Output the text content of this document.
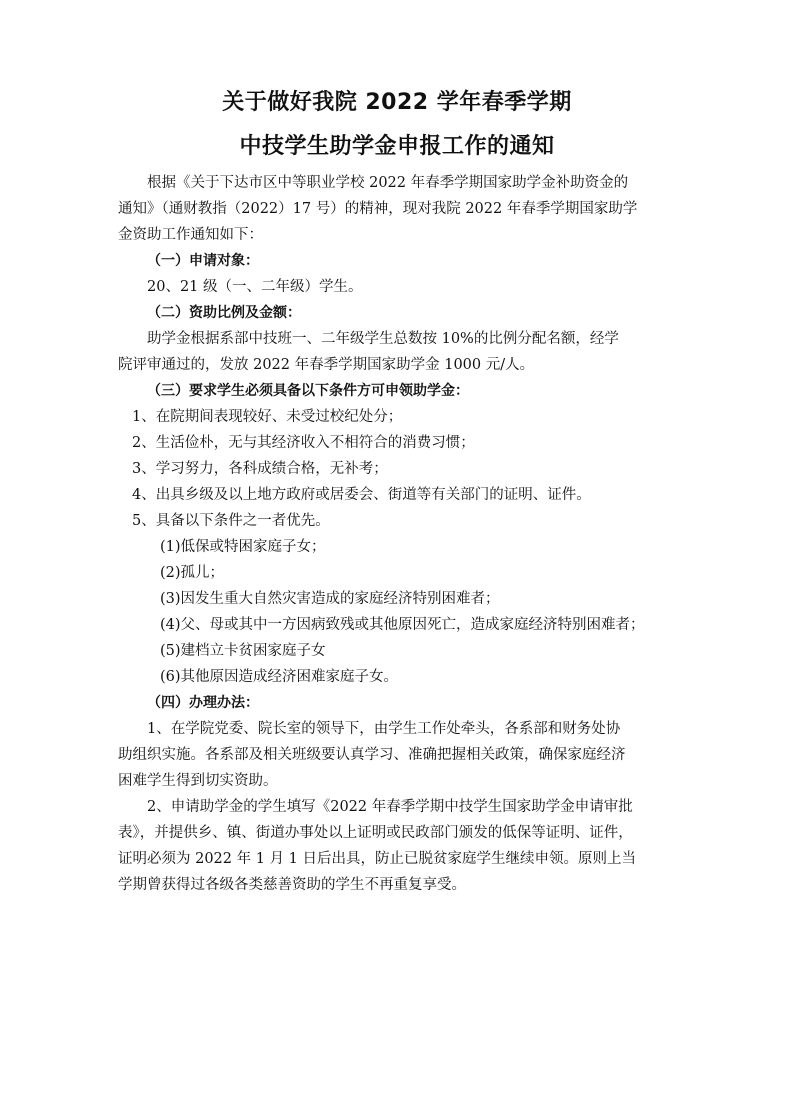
关于做好我院 2022 学年春季学期
中技学生助学金申报工作的通知

根据《关于下达市区中等职业学校 2022 年春季学期国家助学金补助资金的
通知》（通财教指（2022）17 号）的精神，现对我院 2022 年春季学期国家助学
金资助工作通知如下：

（一）申请对象：

20、21 级（一、二年级）学生。

（二）资助比例及金额：

助学金根据系部中技班一、二年级学生总数按 10%的比例分配名额，经学
院评审通过的，发放 2022 年春季学期国家助学金 1000 元/人。

（三）要求学生必须具备以下条件方可申领助学金：

1、在院期间表现较好、未受过校纪处分；

2、生活俭朴，无与其经济收入不相符合的消费习惯；

3、学习努力，各科成绩合格，无补考；

4、出具乡级及以上地方政府或居委会、街道等有关部门的证明、证件。

5、具备以下条件之一者优先。

(1)低保或特困家庭子女；

(2)孤儿；

(3)因发生重大自然灾害造成的家庭经济特别困难者；

(4)父、母或其中一方因病致残或其他原因死亡，造成家庭经济特别困难者；

(5)建档立卡贫困家庭子女

(6)其他原因造成经济困难家庭子女。

（四）办理办法：

1、在学院党委、院长室的领导下，由学生工作处牵头，各系部和财务处协
助组织实施。各系部及相关班级要认真学习、准确把握相关政策，确保家庭经济
困难学生得到切实资助。

2、申请助学金的学生填写《2022 年春季学期中技学生国家助学金申请审批
表》，并提供乡、镇、街道办事处以上证明或民政部门颁发的低保等证明、证件，
证明必须为 2022 年 1 月 1 日后出具，防止已脱贫家庭学生继续申领。原则上当
学期曾获得过各级各类慈善资助的学生不再重复享受。
